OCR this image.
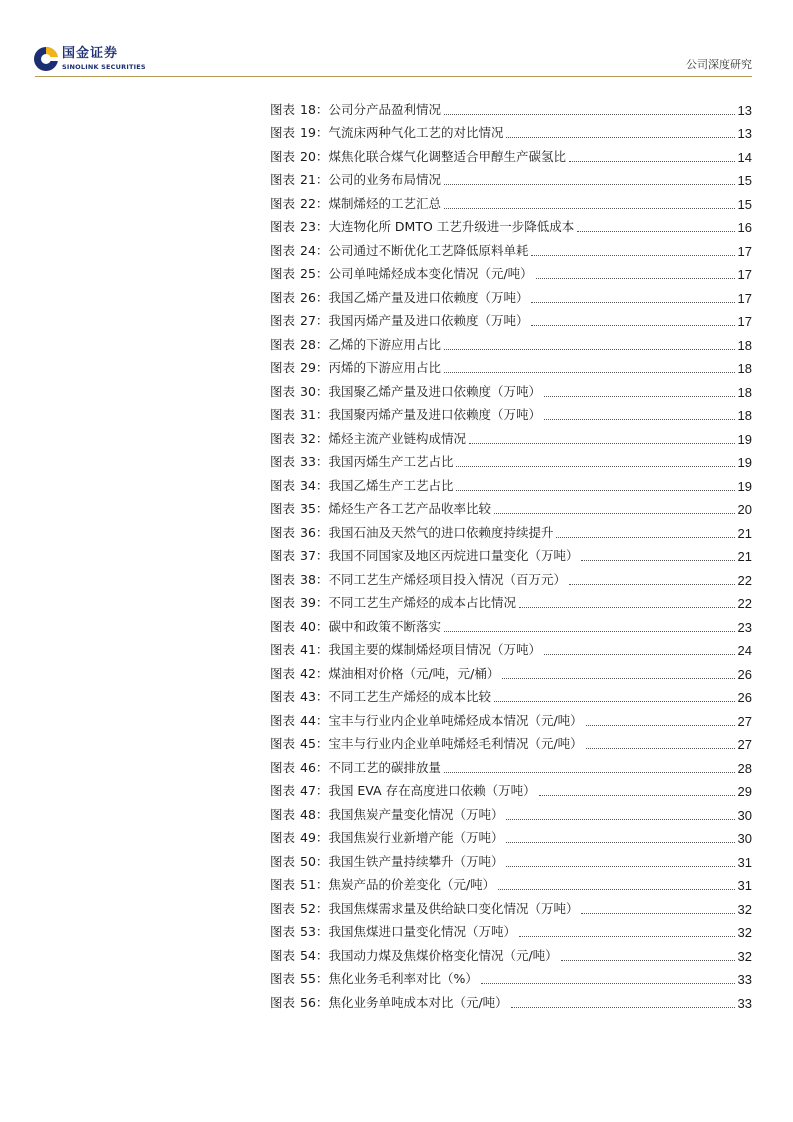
国金证券
SINOLINK SECURITIES	公司深度研究
图表 18： 公司分产品盈利情况	13
图表 19： 气流床两种气化工艺的对比情况	13
图表 20： 煤焦化联合煤气化调整适合甲醇生产碳氢比	14
图表 21： 公司的业务布局情况	15
图表 22： 煤制烯烃的工艺汇总	15
图表 23： 大连物化所 DMTO 工艺升级进一步降低成本	16
图表 24： 公司通过不断优化工艺降低原料单耗	17
图表 25： 公司单吨烯烃成本变化情况（元/吨）	17
图表 26： 我国乙烯产量及进口依赖度（万吨）	17
图表 27： 我国丙烯产量及进口依赖度（万吨）	17
图表 28： 乙烯的下游应用占比	18
图表 29： 丙烯的下游应用占比	18
图表 30： 我国聚乙烯产量及进口依赖度（万吨）	18
图表 31： 我国聚丙烯产量及进口依赖度（万吨）	18
图表 32： 烯烃主流产业链构成情况	19
图表 33： 我国丙烯生产工艺占比	19
图表 34： 我国乙烯生产工艺占比	19
图表 35： 烯烃生产各工艺产品收率比较	20
图表 36： 我国石油及天然气的进口依赖度持续提升	21
图表 37： 我国不同国家及地区丙烷进口量变化（万吨）	21
图表 38： 不同工艺生产烯烃项目投入情况（百万元）	22
图表 39： 不同工艺生产烯烃的成本占比情况	22
图表 40： 碳中和政策不断落实	23
图表 41： 我国主要的煤制烯烃项目情况（万吨）	24
图表 42： 煤油相对价格（元/吨，元/桶）	26
图表 43： 不同工艺生产烯烃的成本比较	26
图表 44： 宝丰与行业内企业单吨烯烃成本情况（元/吨）	27
图表 45： 宝丰与行业内企业单吨烯烃毛利情况（元/吨）	27
图表 46： 不同工艺的碳排放量	28
图表 47： 我国 EVA 存在高度进口依赖（万吨）	29
图表 48： 我国焦炭产量变化情况（万吨）	30
图表 49： 我国焦炭行业新增产能（万吨）	30
图表 50： 我国生铁产量持续攀升（万吨）	31
图表 51： 焦炭产品的价差变化（元/吨）	31
图表 52： 我国焦煤需求量及供给缺口变化情况（万吨）	32
图表 53： 我国焦煤进口量变化情况（万吨）	32
图表 54： 我国动力煤及焦煤价格变化情况（元/吨）	32
图表 55： 焦化业务毛利率对比（%）	33
图表 56： 焦化业务单吨成本对比（元/吨）	33
